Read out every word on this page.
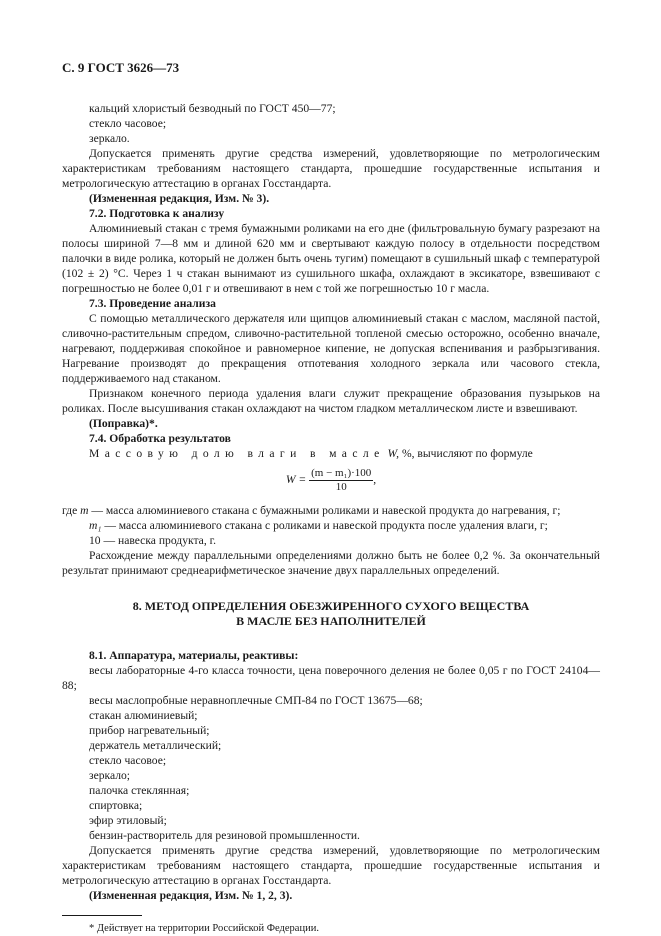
С. 9 ГОСТ 3626—73

кальций хлористый безводный по ГОСТ 450—77;

стекло часовое;

зеркало.

Допускается применять другие средства измерений, удовлетворяющие по метрологическим характеристикам требованиям настоящего стандарта, прошедшие государственные испытания и метрологическую аттестацию в органах Госстандарта.

(Измененная редакция, Изм. № 3).

7.2. Подготовка к анализу

Алюминиевый стакан с тремя бумажными роликами на его дне (фильтровальную бумагу разрезают на полосы шириной 7—8 мм и длиной 620 мм и свертывают каждую полосу в отдельности посредством палочки в виде ролика, который не должен быть очень тугим) помещают в сушильный шкаф с температурой (102 ± 2) °С. Через 1 ч стакан вынимают из сушильного шкафа, охлаждают в эксикаторе, взвешивают с погрешностью не более 0,01 г и отвешивают в нем с той же погрешностью 10 г масла.

7.3. Проведение анализа

С помощью металлического держателя или щипцов алюминиевый стакан с маслом, масляной пастой, сливочно-растительным спредом, сливочно-растительной топленой смесью осторожно, особенно вначале, нагревают, поддерживая спокойное и равномерное кипение, не допуская вспенивания и разбрызгивания. Нагревание производят до прекращения отпотевания холодного зеркала или часового стекла, поддерживаемого над стаканом.

Признаком конечного периода удаления влаги служит прекращение образования пузырьков на роликах. После высушивания стакан охлаждают на чистом гладком металлическом листе и взвешивают.

(Поправка)*.

7.4. Обработка результатов

Массовую долю влаги в масле W, %, вычисляют по формуле

$W = \frac{\text{(m − m₁)·100}}{10}$ ,

где m — масса алюминиевого стакана с бумажными роликами и навеской продукта до нагревания, г;

m₁ — масса алюминиевого стакана с роликами и навеской продукта после удаления влаги, г;

10 — навеска продукта, г.

Расхождение между параллельными определениями должно быть не более 0,2 %. За окончательный результат принимают среднеарифметическое значение двух параллельных определений.

8. МЕТОД ОПРЕДЕЛЕНИЯ ОБЕЗЖИРЕННОГО СУХОГО ВЕЩЕСТВА
В МАСЛЕ БЕЗ НАПОЛНИТЕЛЕЙ

8.1. Аппаратура, материалы, реактивы:

весы лабораторные 4-го класса точности, цена поверочного деления не более 0,05 г по ГОСТ 24104—88;

весы маслопробные неравноплечные СМП-84 по ГОСТ 13675—68;

стакан алюминиевый;

прибор нагревательный;

держатель металлический;

стекло часовое;

зеркало;

палочка стеклянная;

спиртовка;

эфир этиловый;

бензин-растворитель для резиновой промышленности.

Допускается применять другие средства измерений, удовлетворяющие по метрологическим характеристикам требованиям настоящего стандарта, прошедшие государственные испытания и метрологическую аттестацию в органах Госстандарта.

(Измененная редакция, Изм. № 1, 2, 3).

* Действует на территории Российской Федерации.
